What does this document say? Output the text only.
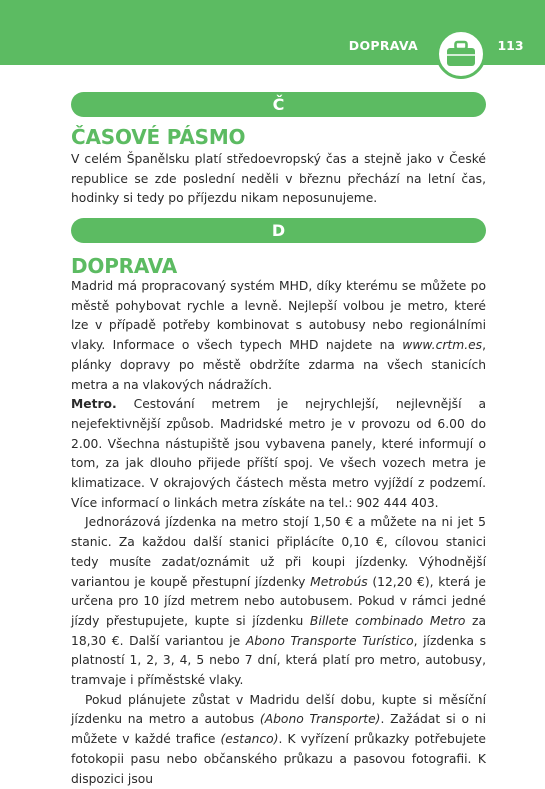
DOPRAVA	113
Č
ČASOVÉ PÁSMO

V celém Španělsku platí středoevropský čas a stejně jako v České republice se zde poslední neděli v březnu přechází na letní čas, hodinky si tedy po příjezdu nikam neposunujeme.

D
DOPRAVA

Madrid má propracovaný systém MHD, díky kterému se můžete po městě pohybovat rychle a levně. Nejlepší volbou je metro, které lze v případě potřeby kombinovat s autobusy nebo regionálními vlaky. Informace o všech typech MHD najdete na www.crtm.es, plánky dopravy po městě obdržíte zdarma na všech stanicích metra a na vlakových nádražích.

Metro. Cestování metrem je nejrychlejší, nejlevnější a nejefektivnější způsob. Madridské metro je v provozu od 6.00 do 2.00. Všechna nástupiště jsou vybavena panely, které informují o tom, za jak dlouho přijede příští spoj. Ve všech vozech metra je klimatizace. V okrajových částech města metro vyjíždí z podzemí. Více informací o linkách metra získáte na tel.: 902 444 403.

Jednorázová jízdenka na metro stojí 1,50 € a můžete na ni jet 5 stanic. Za každou další stanici připlácíte 0,10 €, cílovou stanici tedy musíte zadat/oznámit už při koupi jízdenky. Výhodnější variantou je koupě přestupní jízdenky Metrobús (12,20 €), která je určena pro 10 jízd metrem nebo autobusem. Pokud v rámci jedné jízdy přestupujete, kupte si jízdenku Billete combinado Metro za 18,30 €. Další variantou je Abono Transporte Turístico, jízdenka s platností 1, 2, 3, 4, 5 nebo 7 dní, která platí pro metro, autobusy, tramvaje i příměstské vlaky.

Pokud plánujete zůstat v Madridu delší dobu, kupte si měsíční jízdenku na metro a autobus (Abono Transporte). Zažádat si o ni můžete v každé trafice (estanco). K vyřízení průkazky potřebujete fotokopii pasu nebo občanského průkazu a pasovou fotografii. K dispozici jsou
